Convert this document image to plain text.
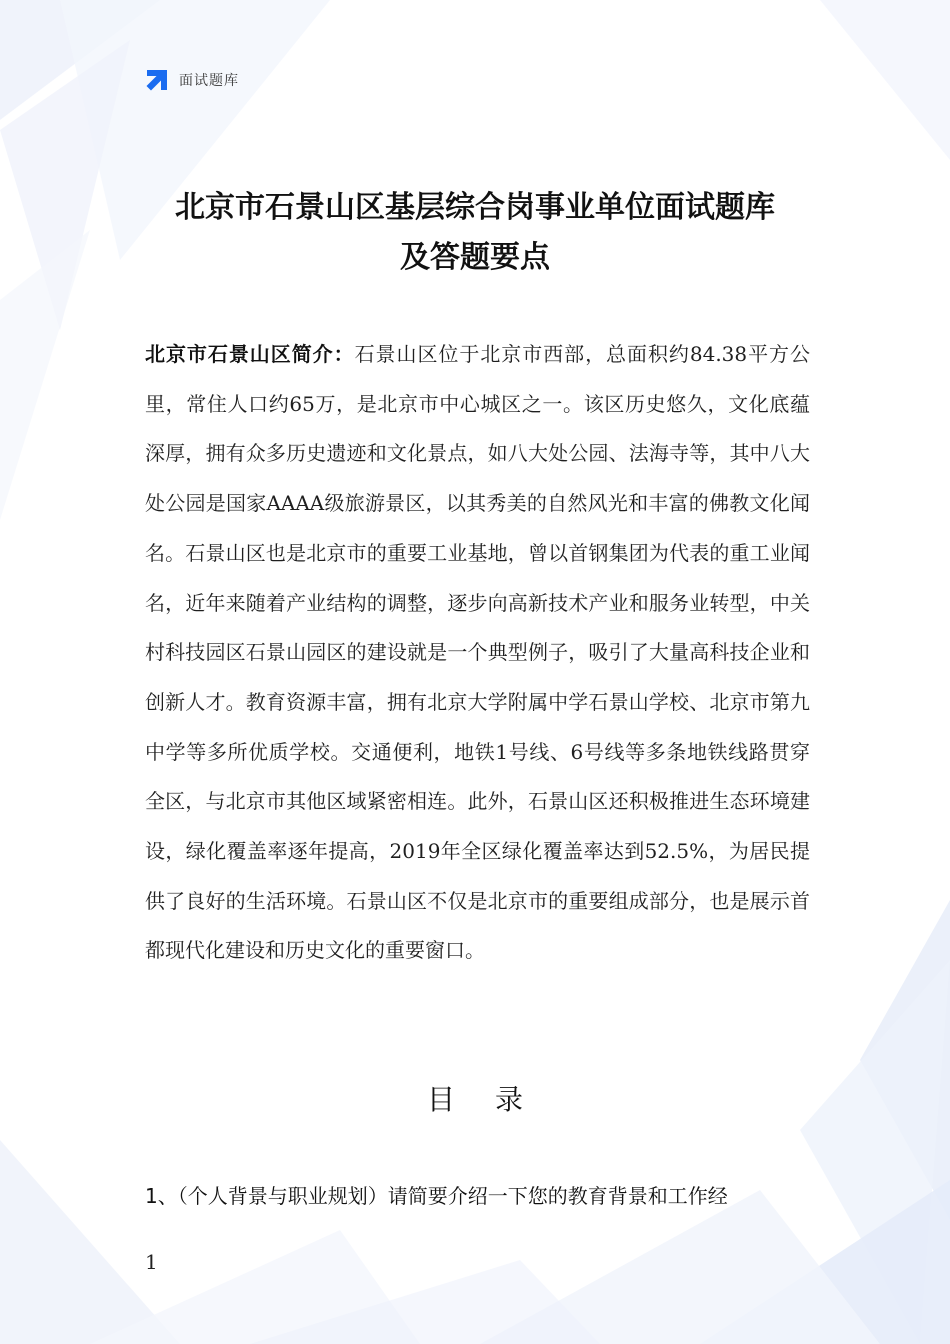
面试题库
北京市石景山区基层综合岗事业单位面试题库
及答题要点

北京市石景山区简介：石景山区位于北京市西部，总面积约84.38平方公里，常住人口约65万，是北京市中心城区之一。该区历史悠久，文化底蕴深厚，拥有众多历史遗迹和文化景点，如八大处公园、法海寺等，其中八大处公园是国家AAAA级旅游景区，以其秀美的自然风光和丰富的佛教文化闻名。石景山区也是北京市的重要工业基地，曾以首钢集团为代表的重工业闻名，近年来随着产业结构的调整，逐步向高新技术产业和服务业转型，中关村科技园区石景山园区的建设就是一个典型例子，吸引了大量高科技企业和创新人才。教育资源丰富，拥有北京大学附属中学石景山学校、北京市第九中学等多所优质学校。交通便利，地铁1号线、6号线等多条地铁线路贯穿全区，与北京市其他区域紧密相连。此外，石景山区还积极推进生态环境建设，绿化覆盖率逐年提高，2019年全区绿化覆盖率达到52.5%，为居民提供了良好的生活环境。石景山区不仅是北京市的重要组成部分，也是展示首都现代化建设和历史文化的重要窗口。

目录
1、（个人背景与职业规划）请简要介绍一下您的教育背景和工作经
1
